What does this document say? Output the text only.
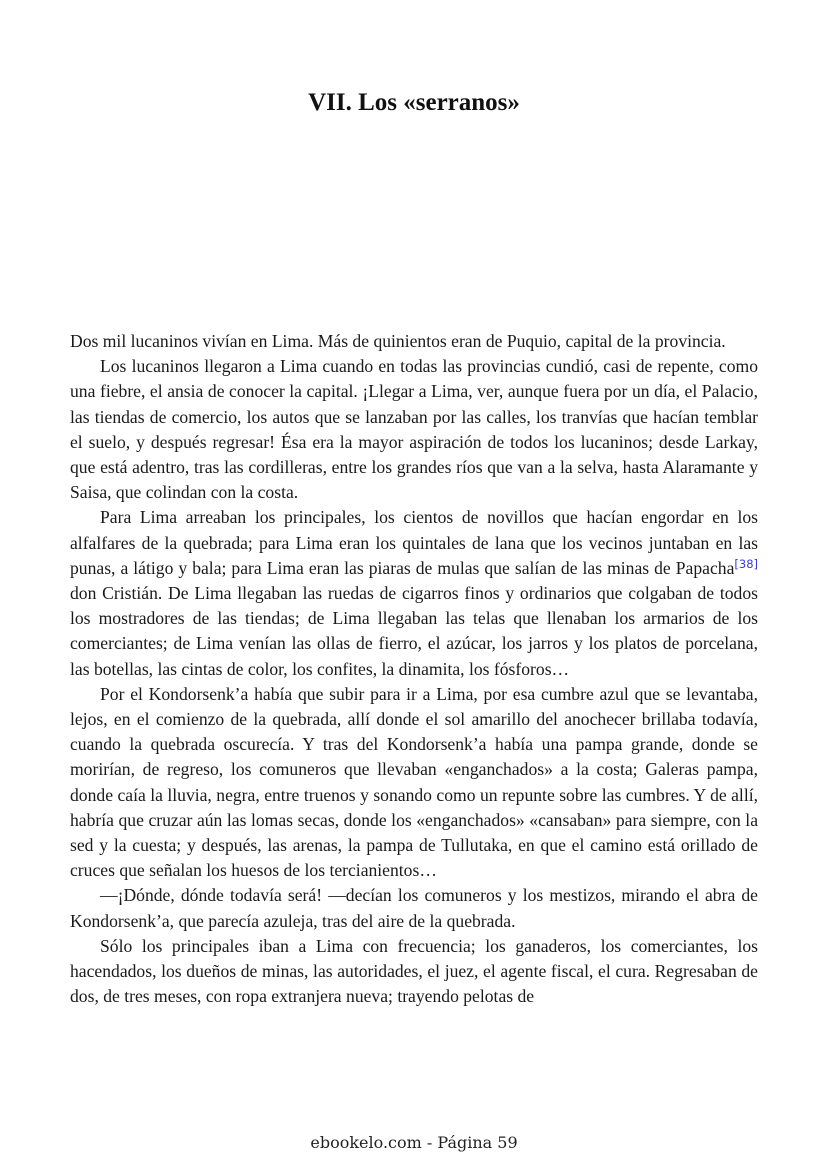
VII. Los «serranos»

Dos mil lucaninos vivían en Lima. Más de quinientos eran de Puquio, capital de la provincia.

Los lucaninos llegaron a Lima cuando en todas las provincias cundió, casi de repente, como una fiebre, el ansia de conocer la capital. ¡Llegar a Lima, ver, aunque fuera por un día, el Palacio, las tiendas de comercio, los autos que se lanzaban por las calles, los tranvías que hacían temblar el suelo, y después regresar! Ésa era la mayor aspiración de todos los lucaninos; desde Larkay, que está adentro, tras las cordilleras, entre los grandes ríos que van a la selva, hasta Alaramante y Saisa, que colindan con la costa.

Para Lima arreaban los principales, los cientos de novillos que hacían engordar en los alfalfares de la quebrada; para Lima eran los quintales de lana que los vecinos juntaban en las punas, a látigo y bala; para Lima eran las piaras de mulas que salían de las minas de Papacha[38] don Cristián. De Lima llegaban las ruedas de cigarros finos y ordinarios que colgaban de todos los mostradores de las tiendas; de Lima llegaban las telas que llenaban los armarios de los comerciantes; de Lima venían las ollas de fierro, el azúcar, los jarros y los platos de porcelana, las botellas, las cintas de color, los confites, la dinamita, los fósforos…

Por el Kondorsenk’a había que subir para ir a Lima, por esa cumbre azul que se levantaba, lejos, en el comienzo de la quebrada, allí donde el sol amarillo del anochecer brillaba todavía, cuando la quebrada oscurecía. Y tras del Kondorsenk’a había una pampa grande, donde se morirían, de regreso, los comuneros que llevaban «enganchados» a la costa; Galeras pampa, donde caía la lluvia, negra, entre truenos y sonando como un repunte sobre las cumbres. Y de allí, habría que cruzar aún las lomas secas, donde los «enganchados» «cansaban» para siempre, con la sed y la cuesta; y después, las arenas, la pampa de Tullutaka, en que el camino está orillado de cruces que señalan los huesos de los tercianientos…

—¡Dónde, dónde todavía será! —decían los comuneros y los mestizos, mirando el abra de Kondorsenk’a, que parecía azuleja, tras del aire de la quebrada.

Sólo los principales iban a Lima con frecuencia; los ganaderos, los comerciantes, los hacendados, los dueños de minas, las autoridades, el juez, el agente fiscal, el cura. Regresaban de dos, de tres meses, con ropa extranjera nueva; trayendo pelotas de

ebookelo.com - Página 59
